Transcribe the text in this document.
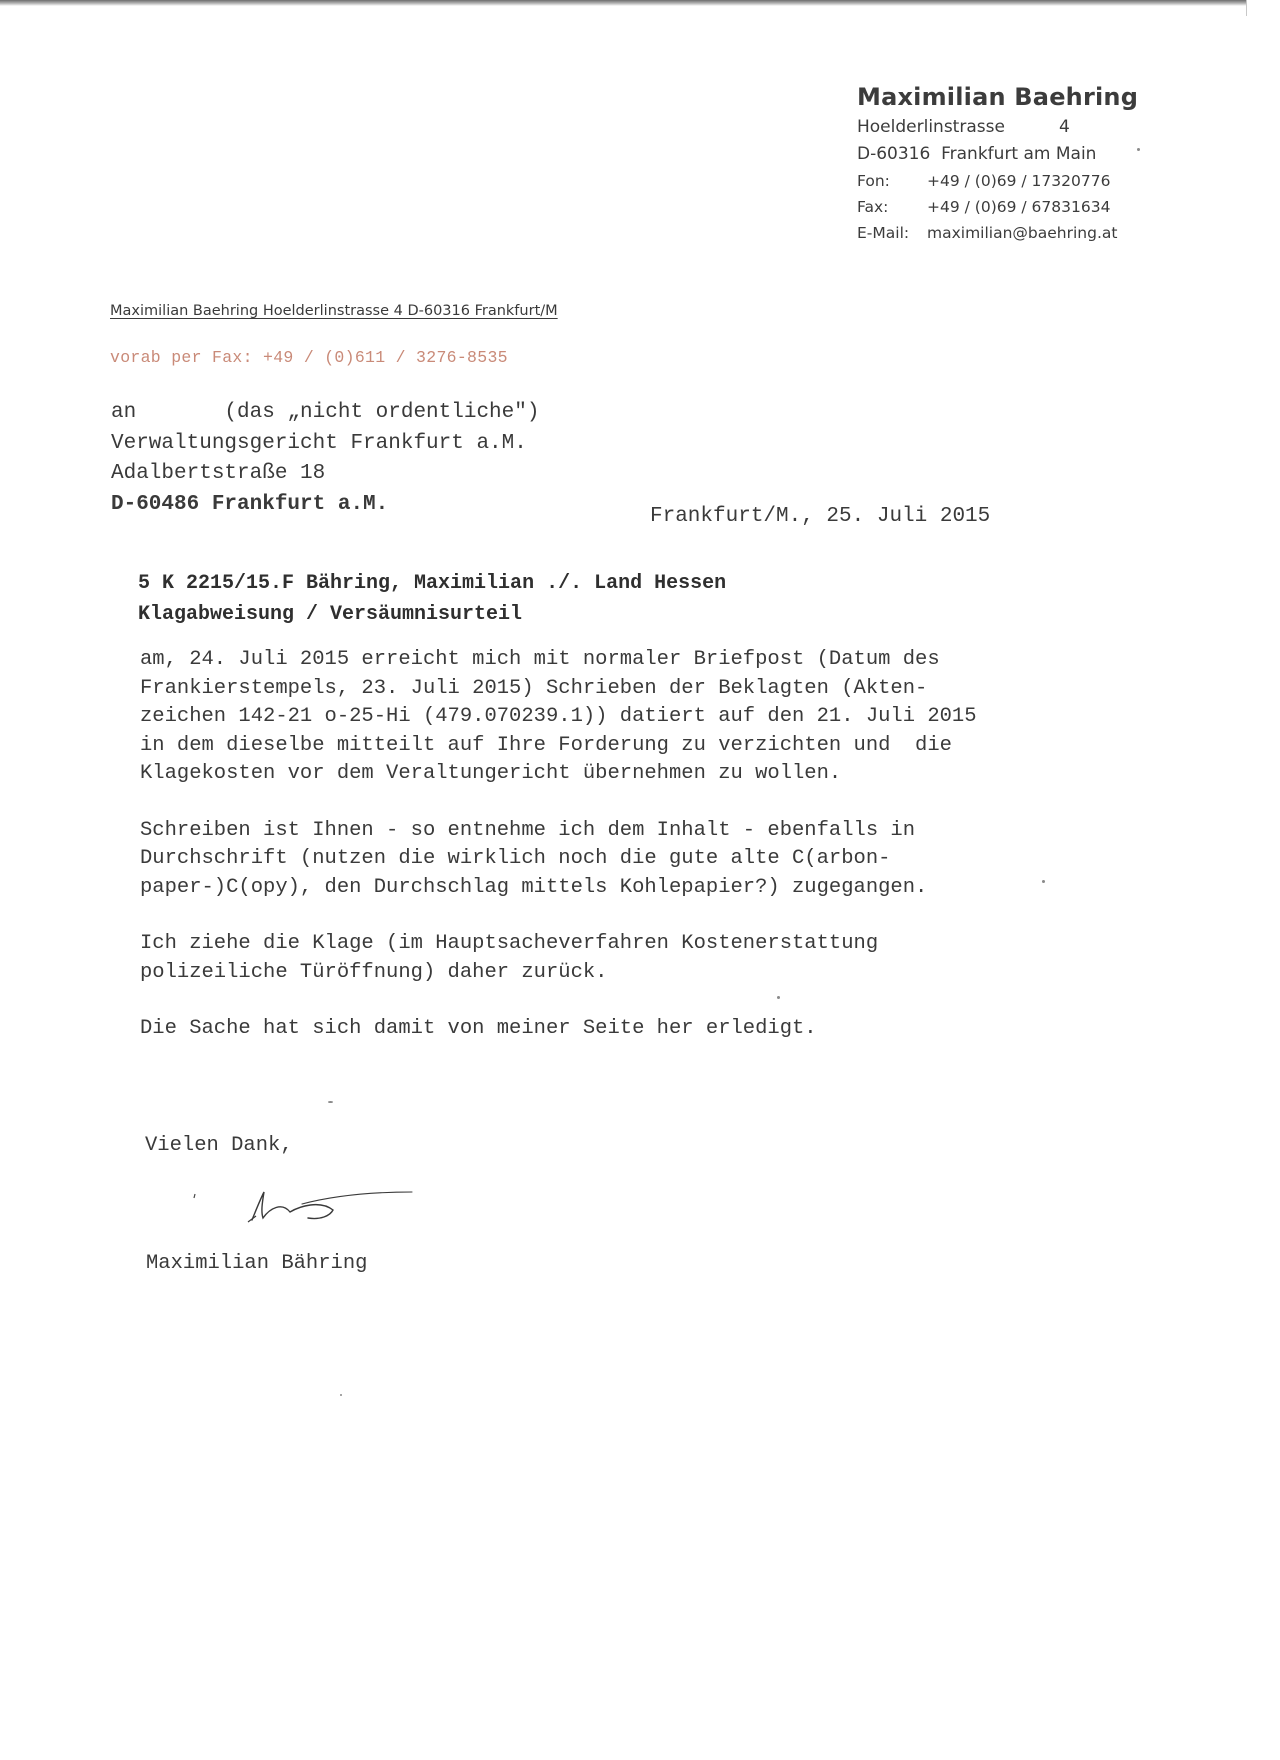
Maximilian Baehring
Hoelderlinstrasse	4
D-60316  Frankfurt am Main
Fon:	+49 / (0)69 / 17320776
Fax:	+49 / (0)69 / 67831634
E-Mail:	maximilian@baehring.at
Maximilian Baehring Hoelderlinstrasse 4 D-60316 Frankfurt/M
vorab per Fax: +49 / (0)611 / 3276-8535
an       (das „nicht ordentliche")
Verwaltungsgericht Frankfurt a.M.
Adalbertstraße 18
D-60486 Frankfurt a.M.
Frankfurt/M., 25. Juli 2015
5 K 2215/15.F Bähring, Maximilian ./. Land Hessen
Klagabweisung / Versäumnisurteil

am, 24. Juli 2015 erreicht mich mit normaler Briefpost (Datum des
Frankierstempels, 23. Juli 2015) Schrieben der Beklagten (Akten-
zeichen 142-21 o-25-Hi (479.070239.1)) datiert auf den 21. Juli 2015
in dem dieselbe mitteilt auf Ihre Forderung zu verzichten und  die
Klagekosten vor dem Veraltungericht übernehmen zu wollen.

Schreiben ist Ihnen - so entnehme ich dem Inhalt - ebenfalls in
Durchschrift (nutzen die wirklich noch die gute alte C(arbon-
paper-)C(opy), den Durchschlag mittels Kohlepapier?) zugegangen.

Ich ziehe die Klage (im Hauptsacheverfahren Kostenerstattung
polizeiliche Türöffnung) daher zurück.

Die Sache hat sich damit von meiner Seite her erledigt.

Vielen Dank,
Maximilian Bähring
